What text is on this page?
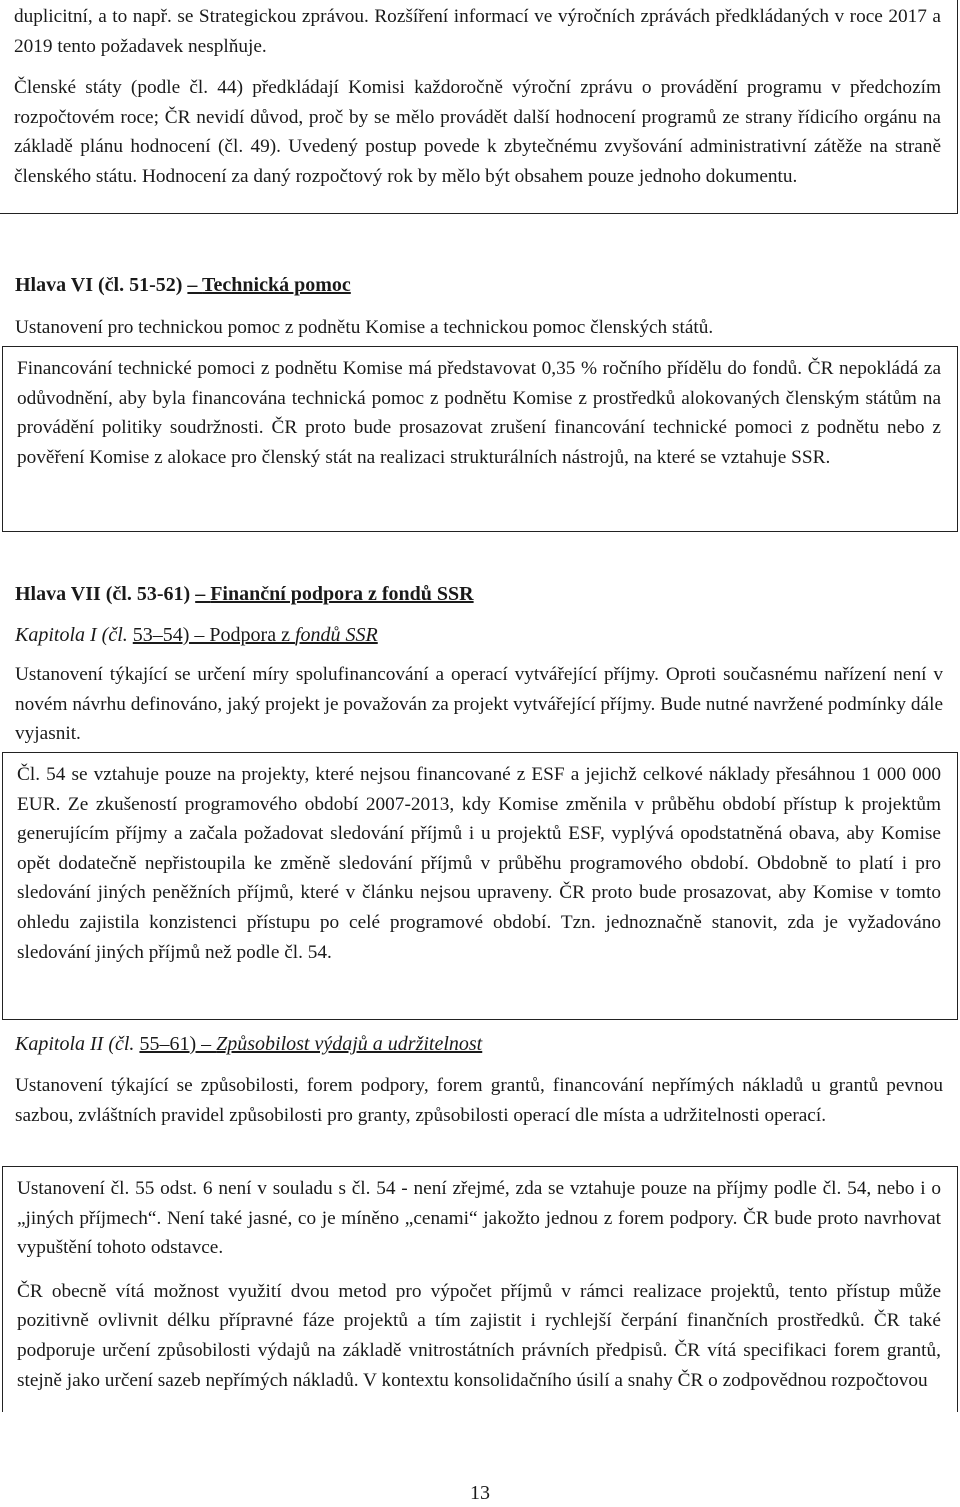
duplicitní, a to např. se Strategickou zprávou. Rozšíření informací ve výročních zprávách předkládaných v roce 2017 a 2019 tento požadavek nesplňuje.

Členské státy (podle čl. 44) předkládají Komisi každoročně výroční zprávu o provádění programu v předchozím rozpočtovém roce; ČR nevidí důvod, proč by se mělo provádět další hodnocení programů ze strany řídicího orgánu na základě plánu hodnocení (čl. 49). Uvedený postup povede k zbytečnému zvyšování administrativní zátěže na straně členského státu. Hodnocení za daný rozpočtový rok by mělo být obsahem pouze jednoho dokumentu.

Hlava VI (čl. 51-52) – Technická pomoc

Ustanovení pro technickou pomoc z podnětu Komise a technickou pomoc členských států.

Financování technické pomoci z podnětu Komise má představovat 0,35 % ročního přídělu do fondů. ČR nepokládá za odůvodnění, aby byla financována technická pomoc z podnětu Komise z prostředků alokovaných členským státům na provádění politiky soudržnosti. ČR proto bude prosazovat zrušení financování technické pomoci z podnětu nebo z pověření Komise z alokace pro členský stát na realizaci strukturálních nástrojů, na které se vztahuje SSR.

Hlava VII (čl. 53-61) – Finanční podpora z fondů SSR
Kapitola I (čl. 53–54) – Podpora z fondů SSR

Ustanovení týkající se určení míry spolufinancování a operací vytvářející příjmy. Oproti současnému nařízení není v novém návrhu definováno, jaký projekt je považován za projekt vytvářející příjmy. Bude nutné navržené podmínky dále vyjasnit.

Čl. 54 se vztahuje pouze na projekty, které nejsou financované z ESF a jejichž celkové náklady přesáhnou 1 000 000 EUR. Ze zkušeností programového období 2007-2013, kdy Komise změnila v průběhu období přístup k projektům generujícím příjmy a začala požadovat sledování příjmů i u projektů ESF, vyplývá opodstatněná obava, aby Komise opět dodatečně nepřistoupila ke změně sledování příjmů v průběhu programového období. Obdobně to platí i pro sledování jiných peněžních příjmů, které v článku nejsou upraveny. ČR proto bude prosazovat, aby Komise v tomto ohledu zajistila konzistenci přístupu po celé programové období. Tzn. jednoznačně stanovit, zda je vyžadováno sledování jiných příjmů než podle čl. 54.

Kapitola II (čl. 55–61) – Způsobilost výdajů a udržitelnost

Ustanovení týkající se způsobilosti, forem podpory, forem grantů, financování nepřímých nákladů u grantů pevnou sazbou, zvláštních pravidel způsobilosti pro granty, způsobilosti operací dle místa a udržitelnosti operací.

Ustanovení čl. 55 odst. 6 není v souladu s čl. 54 - není zřejmé, zda se vztahuje pouze na příjmy podle čl. 54, nebo i o „jiných příjmech“. Není také jasné, co je míněno „cenami“ jakožto jednou z forem podpory. ČR bude proto navrhovat vypuštění tohoto odstavce.

ČR obecně vítá možnost využití dvou metod pro výpočet příjmů v rámci realizace projektů, tento přístup může pozitivně ovlivnit délku přípravné fáze projektů a tím zajistit i rychlejší čerpání finančních prostředků. ČR také podporuje určení způsobilosti výdajů na základě vnitrostátních právních předpisů. ČR vítá specifikaci forem grantů, stejně jako určení sazeb nepřímých nákladů. V kontextu konsolidačního úsilí a snahy ČR o zodpovědnou rozpočtovou

13
